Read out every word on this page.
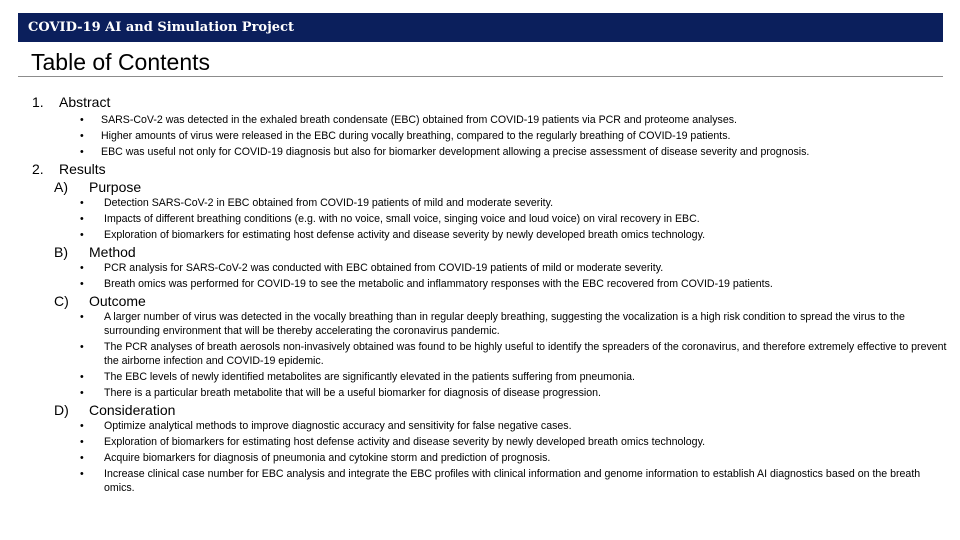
COVID-19 AI and Simulation Project
Table of Contents
1. Abstract
• SARS-CoV-2 was detected in the exhaled breath condensate (EBC) obtained from COVID-19 patients via PCR and proteome analyses.
• Higher amounts of virus were released in the EBC during vocally breathing, compared to the regularly breathing of COVID-19 patients.
• EBC was useful not only for COVID-19 diagnosis but also for biomarker development allowing a precise assessment of disease severity and prognosis.
2. Results
A) Purpose
• Detection SARS-CoV-2 in EBC obtained from COVID-19 patients of mild and moderate severity.
• Impacts of different breathing conditions (e.g. with no voice, small voice, singing voice and loud voice) on viral recovery in EBC.
• Exploration of biomarkers for estimating host defense activity and disease severity by newly developed breath omics technology.
B) Method
• PCR analysis for SARS-CoV-2 was conducted with EBC obtained from COVID-19 patients of mild or moderate severity.
• Breath omics was performed for COVID-19 to see the metabolic and inflammatory responses with the EBC recovered from COVID-19 patients.
C) Outcome
• A larger number of virus was detected in the vocally breathing than in regular deeply breathing, suggesting the vocalization is a high risk condition to spread the virus to the surrounding environment that will be thereby accelerating the coronavirus pandemic.
• The PCR analyses of breath aerosols non-invasively obtained was found to be highly useful to identify the spreaders of the coronavirus, and therefore extremely effective to prevent the airborne infection and COVID-19 epidemic.
• The EBC levels of newly identified metabolites are significantly elevated in the patients suffering from pneumonia.
• There is a particular breath metabolite that will be a useful biomarker for diagnosis of disease progression.
D) Consideration
• Optimize analytical methods to improve diagnostic accuracy and sensitivity for false negative cases.
• Exploration of biomarkers for estimating host defense activity and disease severity by newly developed breath omics technology.
• Acquire biomarkers for diagnosis of pneumonia and cytokine storm and prediction of prognosis.
• Increase clinical case number for EBC analysis and integrate the EBC profiles with clinical information and genome information to establish AI diagnostics based on the breath omics.
